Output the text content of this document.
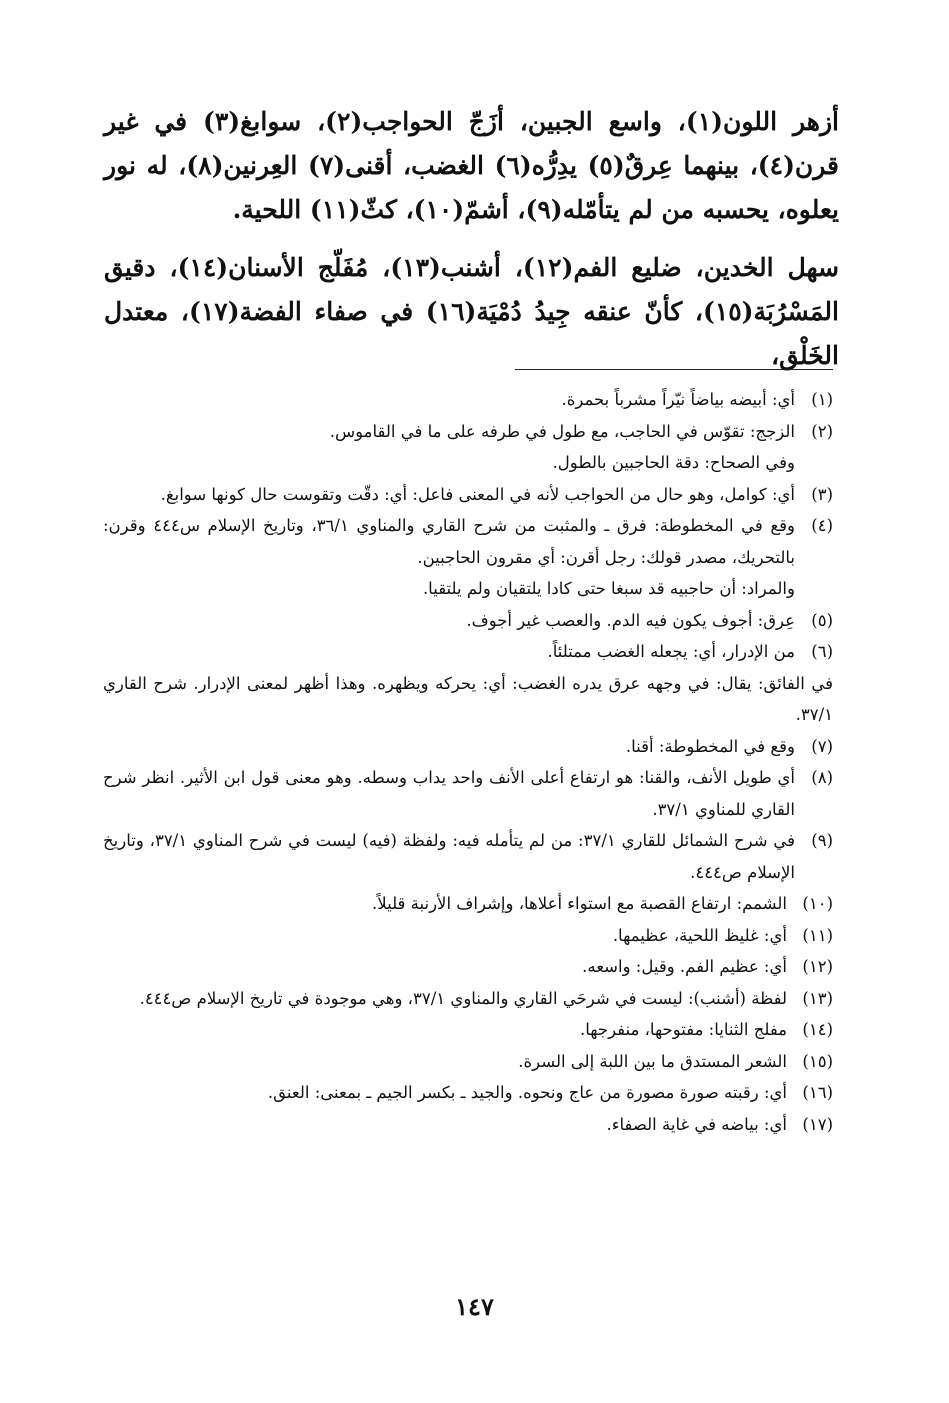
أزهر اللون(١)، واسع الجبين، أزَجّ الحواجب(٢)، سوابغ(٣) في غير قرن(٤)، بينهما عِرقٌ(٥) يدِرُّه(٦) الغضب، أقنى(٧) العِرنين(٨)، له نور يعلوه، يحسبه من لم يتأمّله(٩)، أشمّ(١٠)، كثّ(١١) اللحية.

سهل الخدين، ضليع الفم(١٢)، أشنب(١٣)، مُفَلّج الأسنان(١٤)، دقيق المَسْرُبَة(١٥)، كأنّ عنقه جِيدُ دُمْيَة(١٦) في صفاء الفضة(١٧)، معتدل الخَلْق،

(١)
أي: أبيضه بياضاً نيّراً مشرباً بحمرة.
(٢)
الزجج: تقوّس في الحاجب، مع طول في طرفه على ما في القاموس.
وفي الصحاح: دقة الحاجبين بالطول.
(٣)
أي: كوامل، وهو حال من الحواجب لأنه في المعنى فاعل: أي: دقّت وتقوست حال كونها سوابغ.
(٤)
وقع في المخطوطة: فرق ـ والمثبت من شرح القاري والمناوي ٣٦/١، وتاريخ الإسلام س٤٤٤ وقرن: بالتحريك، مصدر قولك: رجل أقرن: أي مقرون الحاجبين.
والمراد: أن حاجبيه قد سبغا حتى كادا يلتقيان ولم يلتقيا.
(٥)
عِرق: أجوف يكون فيه الدم. والعصب غير أجوف.
(٦)
من الإدرار، أي: يجعله الغضب ممتلئاً.
في الفائق: يقال: في وجهه عرق يدره الغضب: أي: يحركه ويظهره. وهذا أظهر لمعنى الإدرار. شرح القاري ٣٧/١.
(٧)
وقع في المخطوطة: أقنا.
(٨)
أي طويل الأنف، والقنا: هو ارتفاع أعلى الأنف واحد يداب وسطه. وهو معنى قول ابن الأثير. انظر شرح القاري للمناوي ٣٧/١.
(٩)
في شرح الشمائل للقاري ٣٧/١: من لم يتأمله فيه: ولفظة (فيه) ليست في شرح المناوي ٣٧/١، وتاريخ الإسلام ص٤٤٤.
(١٠)
الشمم: ارتفاع القصبة مع استواء أعلاها، وإشراف الأرنبة قليلاً.
(١١)
أي: غليظ اللحية، عظيمها.
(١٢)
أي: عظيم الفم. وقيل: واسعه.
(١٣)
لفظة (أشنب): ليست في شرحَي القاري والمناوي ٣٧/١، وهي موجودة في تاريخ الإسلام ص٤٤٤.
(١٤)
مفلج الثنايا: مفتوحها، منفرجها.
(١٥)
الشعر المستدق ما بين اللبة إلى السرة.
(١٦)
أي: رقبته صورة مصورة من عاج ونحوه. والجيد ـ بكسر الجيم ـ بمعنى: العنق.
(١٧)
أي: بياضه في غاية الصفاء.
١٤٧
